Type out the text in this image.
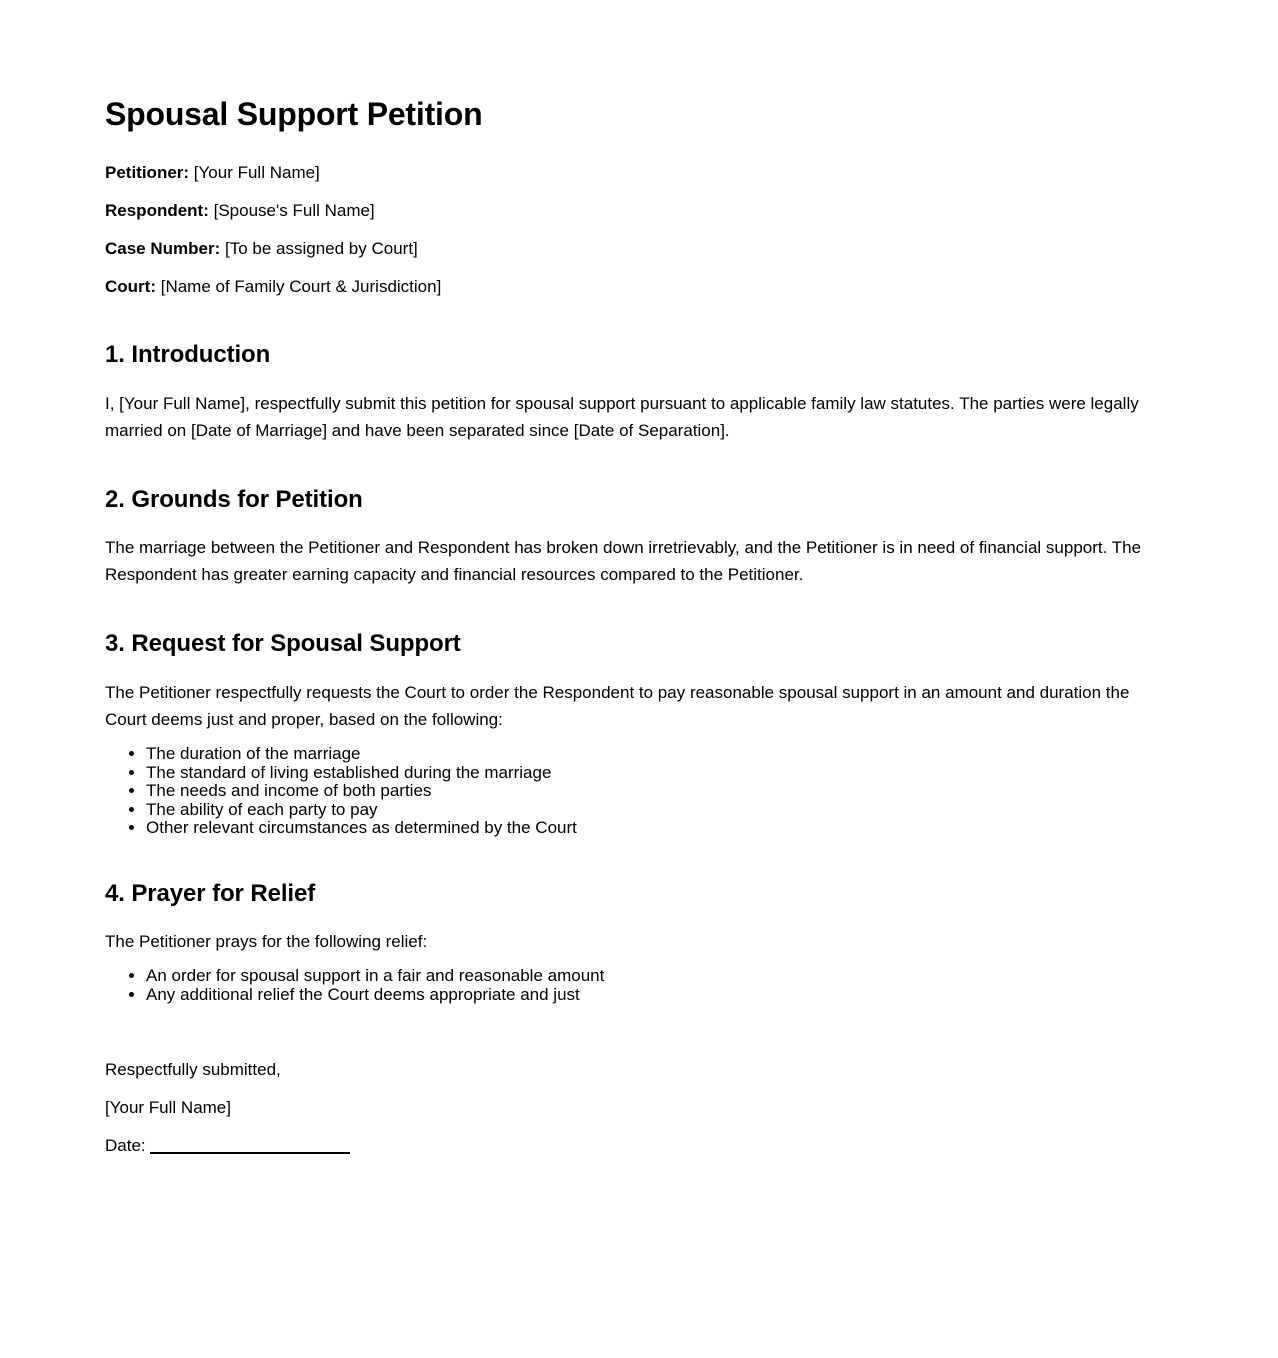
Spousal Support Petition

Petitioner: [Your Full Name]

Respondent: [Spouse's Full Name]

Case Number: [To be assigned by Court]

Court: [Name of Family Court & Jurisdiction]

1. Introduction

I, [Your Full Name], respectfully submit this petition for spousal support pursuant to applicable family law statutes. The parties were legally married on [Date of Marriage] and have been separated since [Date of Separation].

2. Grounds for Petition

The marriage between the Petitioner and Respondent has broken down irretrievably, and the Petitioner is in need of financial support. The Respondent has greater earning capacity and financial resources compared to the Petitioner.

3. Request for Spousal Support

The Petitioner respectfully requests the Court to order the Respondent to pay reasonable spousal support in an amount and duration the Court deems just and proper, based on the following:

• The duration of the marriage
• The standard of living established during the marriage
• The needs and income of both parties
• The ability of each party to pay
• Other relevant circumstances as determined by the Court
4. Prayer for Relief

The Petitioner prays for the following relief:

• An order for spousal support in a fair and reasonable amount
• Any additional relief the Court deems appropriate and just
Respectfully submitted,
[Your Full Name]
Date:
